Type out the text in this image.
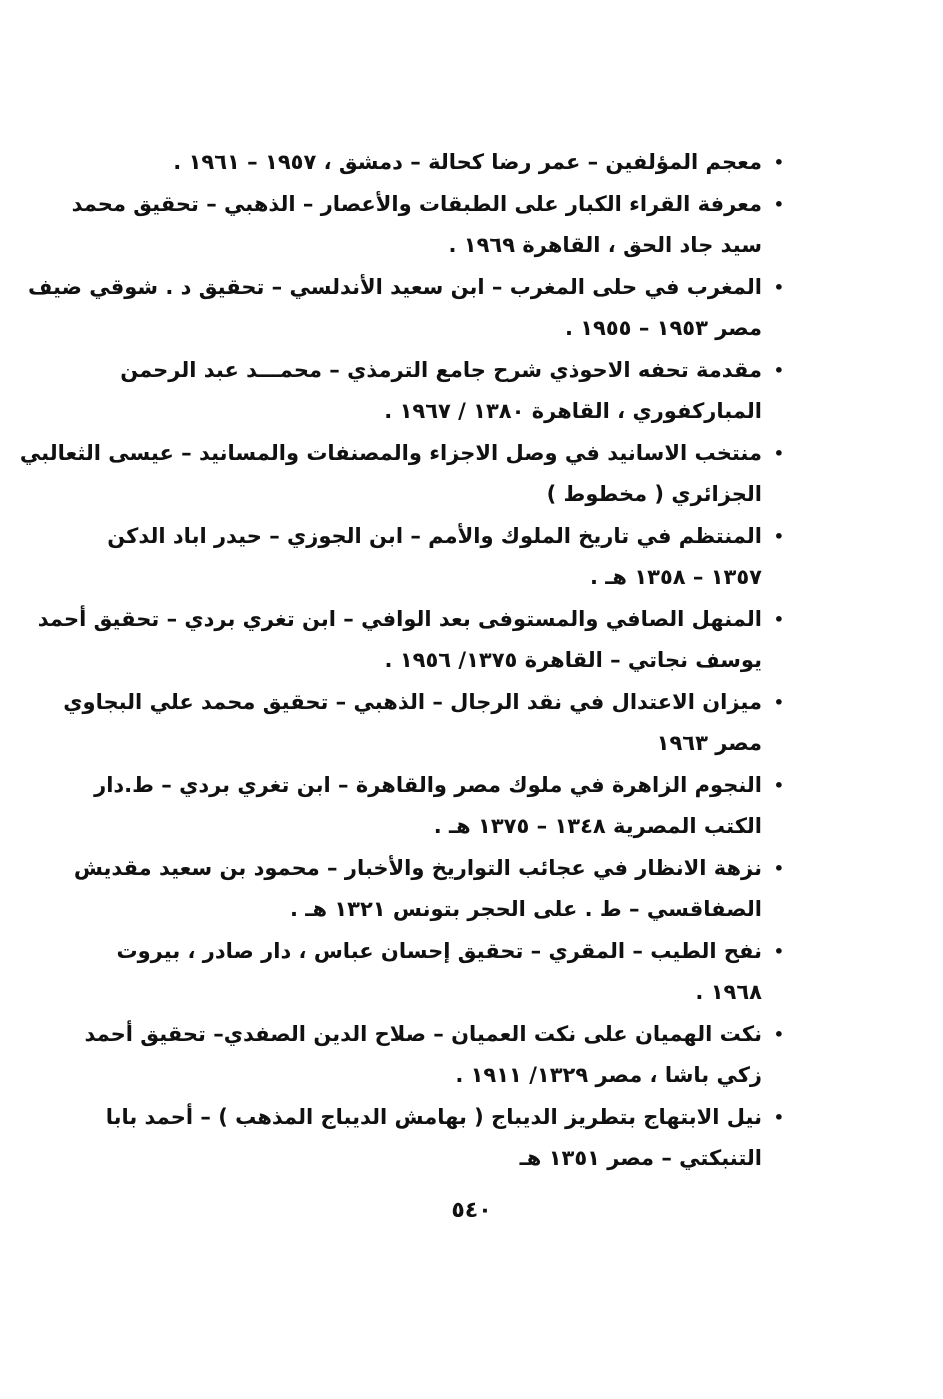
•
معجم المؤلفين – عمر رضا كحالة – دمشق ، ١٩٥٧ – ١٩٦١ .
•
معرفة القراء الكبار على الطبقات والأعصار – الذهبي – تحقيق محمد
سيد جاد الحق ، القاهرة ١٩٦٩ .
•
المغرب في حلى المغرب – ابن سعيد الأندلسي – تحقيق د . شوقي ضيف
مصر ١٩٥٣ – ١٩٥٥ .
•
مقدمة تحفه الاحوذي شرح جامع الترمذي – محمـــد عبد الرحمن
المباركفوري ، القاهرة ١٣٨٠ / ١٩٦٧ .
•
منتخب الاسانيد في وصل الاجزاء والمصنفات والمسانيد – عيسى الثعالبي
الجزائري ( مخطوط )
•
المنتظم في تاريخ الملوك والأمم – ابن الجوزي – حيدر اباد الدكن
١٣٥٧ – ١٣٥٨ هـ .
•
المنهل الصافي والمستوفى بعد الوافي – ابن تغري بردي – تحقيق أحمد
يوسف نجاتي – القاهرة ١٣٧٥/ ١٩٥٦ .
•
ميزان الاعتدال في نقد الرجال – الذهبي – تحقيق محمد علي البجاوي
مصر ١٩٦٣
•
النجوم الزاهرة في ملوك مصر والقاهرة – ابن تغري بردي – ط.دار
الكتب المصرية ١٣٤٨ – ١٣٧٥ هـ .
•
نزهة الانظار في عجائب التواريخ والأخبار – محمود بن سعيد مقديش
الصفاقسي – ط . على الحجر بتونس ١٣٢١ هـ .
•
نفح الطيب – المقري – تحقيق إحسان عباس ، دار صادر ، بيروت
١٩٦٨ .
•
نكت الهميان على نكت العميان – صلاح الدين الصفدي– تحقيق أحمد
زكي باشا ، مصر ١٣٢٩/ ١٩١١ .
•
نيل الابتهاج بتطريز الديباج ( بهامش الديباج المذهب ) – أحمد بابا
التنبكتي – مصر ١٣٥١ هـ
٥٤٠
